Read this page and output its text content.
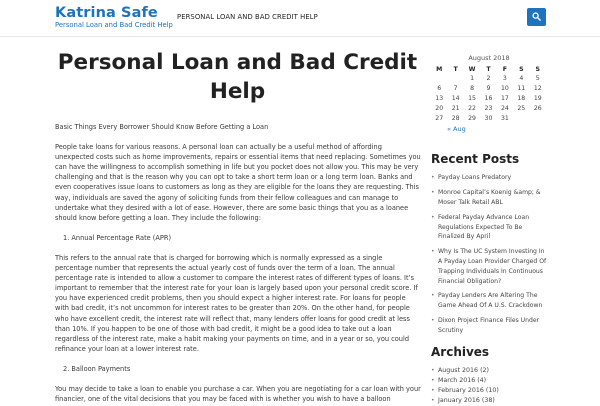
Katrina Safe
Personal Loan and Bad Credit Help
PERSONAL LOAN AND BAD CREDIT HELP
Personal Loan and Bad Credit Help

Basic Things Every Borrower Should Know Before Getting a Loan

People take loans for various reasons. A personal loan can actually be a useful method of affording unexpected costs such as home improvements, repairs or essential items that need replacing. Sometimes you can have the willingness to accomplish something in life but you pocket does not allow you. This may be very challenging and that is the reason why you can opt to take a short term loan or a long term loan. Banks and even cooperatives issue loans to customers as long as they are eligible for the loans they are requesting. This way, individuals are saved the agony of soliciting funds from their fellow colleagues and can manage to undertake what they desired with a lot of ease. However, there are some basic things that you as a loanee should know before getting a loan. They include the following:

1. Annual Percentage Rate (APR)

This refers to the annual rate that is charged for borrowing which is normally expressed as a single percentage number that represents the actual yearly cost of funds over the term of a loan. The annual percentage rate is intended to allow a customer to compare the interest rates of different types of loans. It’s important to remember that the interest rate for your loan is largely based upon your personal credit score. If you have experienced credit problems, then you should expect a higher interest rate. For loans for people with bad credit, it’s not uncommon for interest rates to be greater than 20%. On the other hand, for people who have excellent credit, the interest rate will reflect that, many lenders offer loans for good credit at less than 10%. If you happen to be one of those with bad credit, it might be a good idea to take out a loan regardless of the interest rate, make a habit making your payments on time, and in a year or so, you could refinance your loan at a lower interest rate.

2. Balloon Payments

You may decide to take a loan to enable you purchase a car. When you are negotiating for a car loan with your financier, one of the vital decisions that you may be faced with is whether you wish to have a balloon

August 2018
M	T	W	T	F	S	S
		1	2	3	4	5
6	7	8	9	10	11	12
13	14	15	16	17	18	19
20	21	22	23	24	25	26
27	28	29	30	31		
« Aug
Recent Posts
• Payday Loans Predatory
• Monroe Capital’s Koenig &amp; & Moser Talk Retail ABL
• Federal Payday Advance Loan Regulations Expected To Be Finalized By April
• Why Is The UC System Investing In A Payday Loan Provider Charged Of Trapping Individuals In Continuous Financial Obligation?
• Payday Lenders Are Altering The Game Ahead Of A U.S. Crackdown
• Dixon Project Finance Files Under Scrutiny
Archives
• August 2016 (2)
• March 2016 (4)
• February 2016 (10)
• January 2016 (38)
